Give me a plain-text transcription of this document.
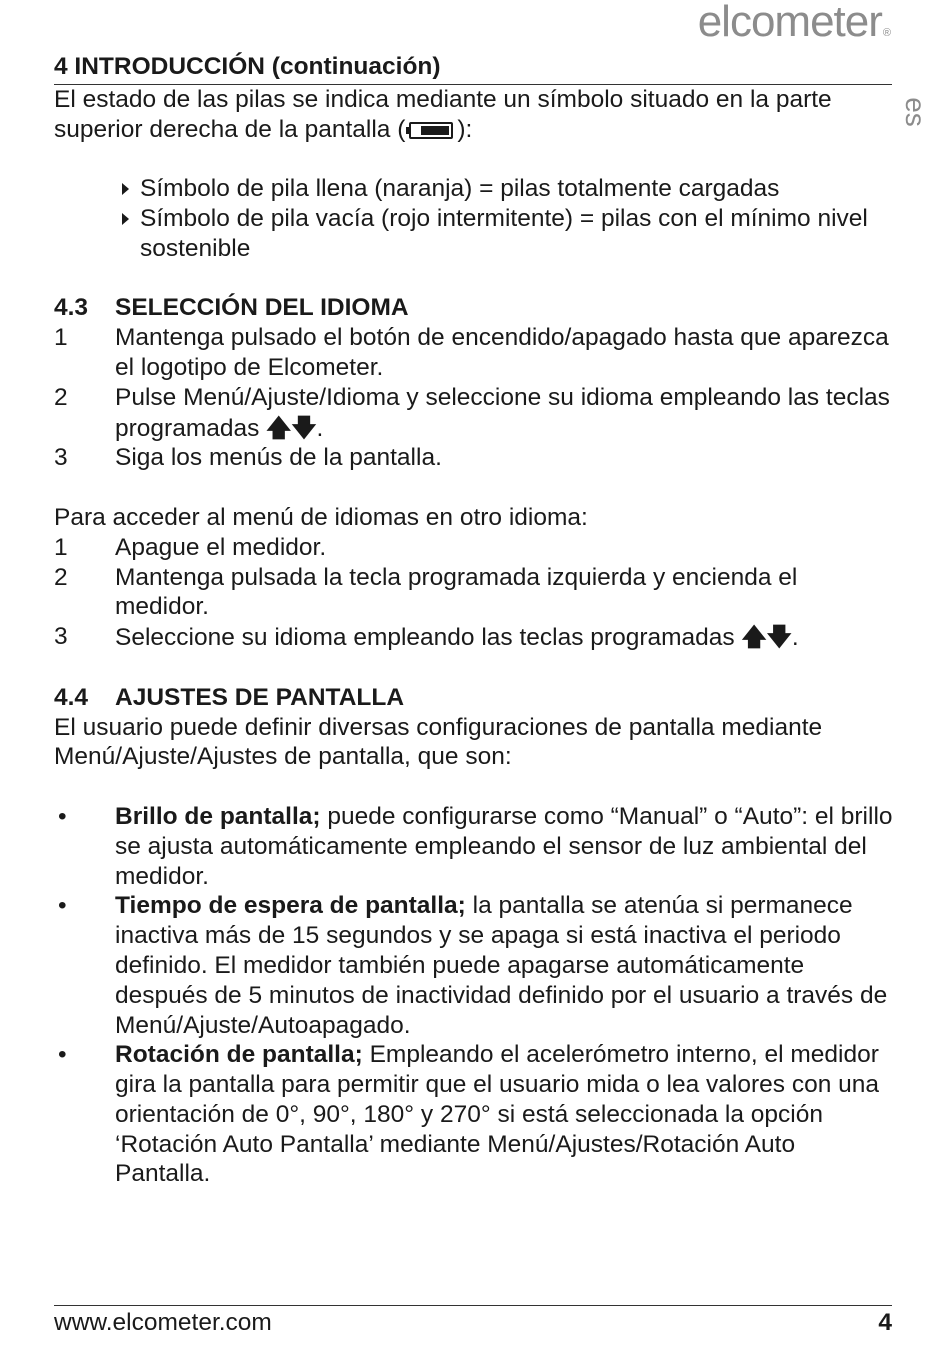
elcometer®
es
4 INTRODUCCIÓN (continuación)

El estado de las pilas se indica mediante un símbolo situado en la parte superior derecha de la pantalla ( ):

Símbolo de pila llena (naranja) = pilas totalmente cargadas
Símbolo de pila vacía (rojo intermitente) = pilas con el mínimo nivel sostenible
4.3	SELECCIÓN DEL IDIOMA
1	Mantenga pulsado el botón de encendido/apagado hasta que aparezca el logotipo de Elcometer.
2	Pulse Menú/Ajuste/Idioma y seleccione su idioma empleando las teclas programadas 🡅🡇.
3	Siga los menús de la pantalla.

Para acceder al menú de idiomas en otro idioma:

1	Apague el medidor.
2	Mantenga pulsada la tecla programada izquierda y encienda el medidor.
3	Seleccione su idioma empleando las teclas programadas 🡅🡇.
4.4	AJUSTES DE PANTALLA

El usuario puede definir diversas configuraciones de pantalla mediante Menú/Ajuste/Ajustes de pantalla, que son:

•	Brillo de pantalla; puede configurarse como “Manual” o “Auto”: el brillo se ajusta automáticamente empleando el sensor de luz ambiental del medidor.
•	Tiempo de espera de pantalla; la pantalla se atenúa si permanece inactiva más de 15 segundos y se apaga si está inactiva el periodo definido. El medidor también puede apagarse automáticamente después de 5 minutos de inactividad definido por el usuario a través de Menú/Ajuste/Autoapagado.
•	Rotación de pantalla; Empleando el acelerómetro interno, el medidor gira la pantalla para permitir que el usuario mida o lea valores con una orientación de 0°, 90°, 180° y 270° si está seleccionada la opción ‘Rotación Auto Pantalla’ mediante Menú/Ajustes/Rotación Auto Pantalla.
www.elcometer.com	4
